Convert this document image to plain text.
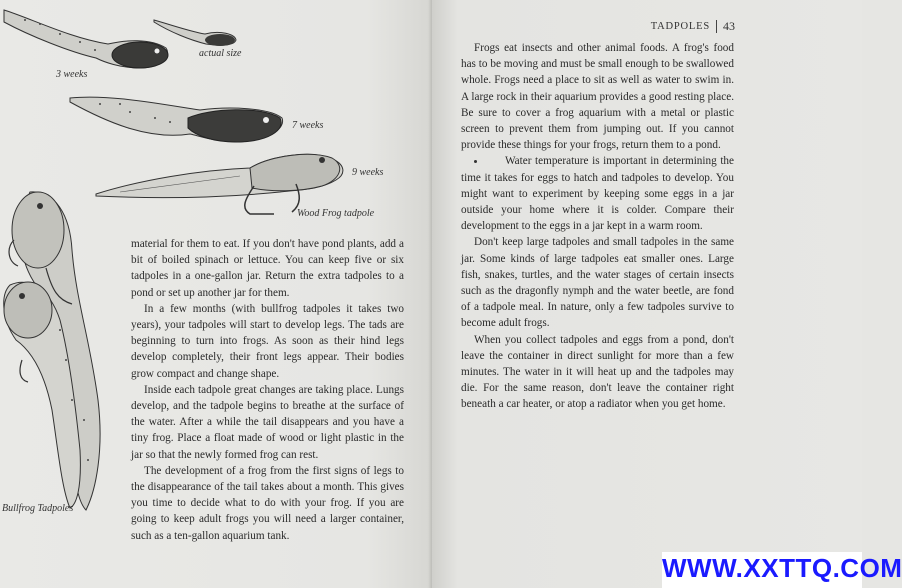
actual size
3 weeks
7 weeks
9 weeks
Wood Frog tadpole
Bullfrog Tadpoles

material for them to eat. If you don't have pond plants, add a bit of boiled spinach or lettuce. You can keep five or six tadpoles in a one-gallon jar. Return the extra tadpoles to a pond or set up another jar for them.

In a few months (with bullfrog tadpoles it takes two years), your tadpoles will start to develop legs. The tads are beginning to turn into frogs. As soon as their hind legs develop completely, their front legs appear. Their bodies grow compact and change shape.

Inside each tadpole great changes are taking place. Lungs develop, and the tadpole begins to breathe at the surface of the water. After a while the tail disappears and you have a tiny frog. Place a float made of wood or light plastic in the jar so that the newly formed frog can rest.

The development of a frog from the first signs of legs to the disappearance of the tail takes about a month. This gives you time to decide what to do with your frog. If you are going to keep adult frogs you will need a larger container, such as a ten-gallon aquarium tank.

TADPOLES 43

Frogs eat insects and other animal foods. A frog's food has to be moving and must be small enough to be swallowed whole. Frogs need a place to sit as well as water to swim in. A large rock in their aquarium provides a good resting place. Be sure to cover a frog aquarium with a metal or plastic screen to prevent them from jumping out. If you cannot provide these things for your frogs, return them to a pond.

Water temperature is important in determining the time it takes for eggs to hatch and tadpoles to develop. You might want to experiment by keeping some eggs in a jar outside your home where it is colder. Compare their development to the eggs in a jar kept in a warm room.

Don't keep large tadpoles and small tadpoles in the same jar. Some kinds of large tadpoles eat smaller ones. Large fish, snakes, turtles, and the water stages of certain insects such as the dragonfly nymph and the water beetle, are fond of a tadpole meal. In nature, only a few tadpoles survive to become adult frogs.

When you collect tadpoles and eggs from a pond, don't leave the container in direct sunlight for more than a few minutes. The water in it will heat up and the tadpoles may die. For the same reason, don't leave the container right beneath a car heater, or atop a radiator when you get home.

WWW.XXTTQ.COM
